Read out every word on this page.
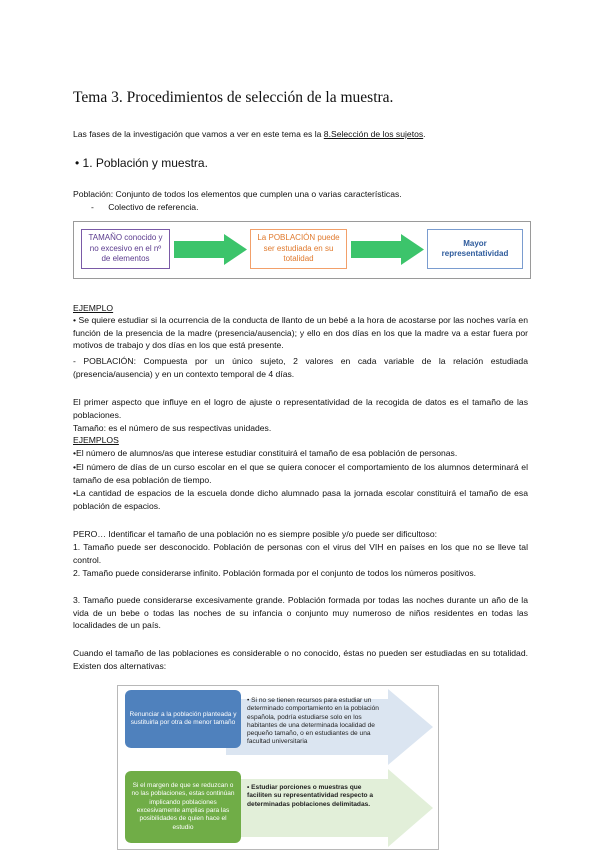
Tema 3. Procedimientos de selección de la muestra.
Las fases de la investigación que vamos a ver en este tema es la 8.Selección de los sujetos.
• 1. Población y muestra.
Población: Conjunto de todos los elementos que cumplen una o varias características.
-      Colectivo de referencia.
TAMAÑO conocido y no excesivo en el nº de elementos
La POBLACIÓN puede ser estudiada en su totalidad
Mayor representatividad
EJEMPLO
• Se quiere estudiar si la ocurrencia de la conducta de llanto de un bebé a la hora de acostarse por las noches varía en función de la presencia de la madre (presencia/ausencia); y ello en dos días en los que la madre va a estar fuera por motivos de trabajo y dos días en los que está presente.
- POBLACIÓN: Compuesta por un único sujeto, 2 valores en cada variable de la relación estudiada (presencia/ausencia) y en un contexto temporal de 4 días.
El primer aspecto que influye en el logro de ajuste o representatividad de la recogida de datos es el tamaño de las poblaciones.
Tamaño: es el número de sus respectivas unidades.
EJEMPLOS
•El número de alumnos/as que interese estudiar constituirá el tamaño de esa población de personas.
•El número de días de un curso escolar en el que se quiera conocer el comportamiento de los alumnos determinará el tamaño de esa población de tiempo.
•La cantidad de espacios de la escuela donde dicho alumnado pasa la jornada escolar constituirá el tamaño de esa población de espacios.
PERO… Identificar el tamaño de una población no es siempre posible y/o puede ser dificultoso:
1. Tamaño puede ser desconocido. Población de personas con el virus del VIH en países en los que no se lleve tal control.
2. Tamaño puede considerarse infinito. Población formada por el conjunto de todos los números positivos.
3. Tamaño puede considerarse excesivamente grande. Población formada por todas las noches durante un año de la vida de un bebe o todas las noches de su infancia o conjunto muy numeroso de niños residentes en todas las localidades de un país.
Cuando el tamaño de las poblaciones es considerable o no conocido, éstas no pueden ser estudiadas en su totalidad. Existen dos alternativas:
Renunciar a la población planteada y sustituirla por otra de menor tamaño
Si el margen de que se reduzcan o no las poblaciones, estas continúan implicando poblaciones excesivamente amplias para las posibilidades de quien hace el estudio
• Si no se tienen recursos para estudiar un determinado comportamiento en la población española, podría estudiarse solo en los habitantes de una determinada localidad de pequeño tamaño, o en estudiantes de una facultad universitaria
• Estudiar porciones o muestras que faciliten su representatividad respecto a determinadas poblaciones delimitadas.
